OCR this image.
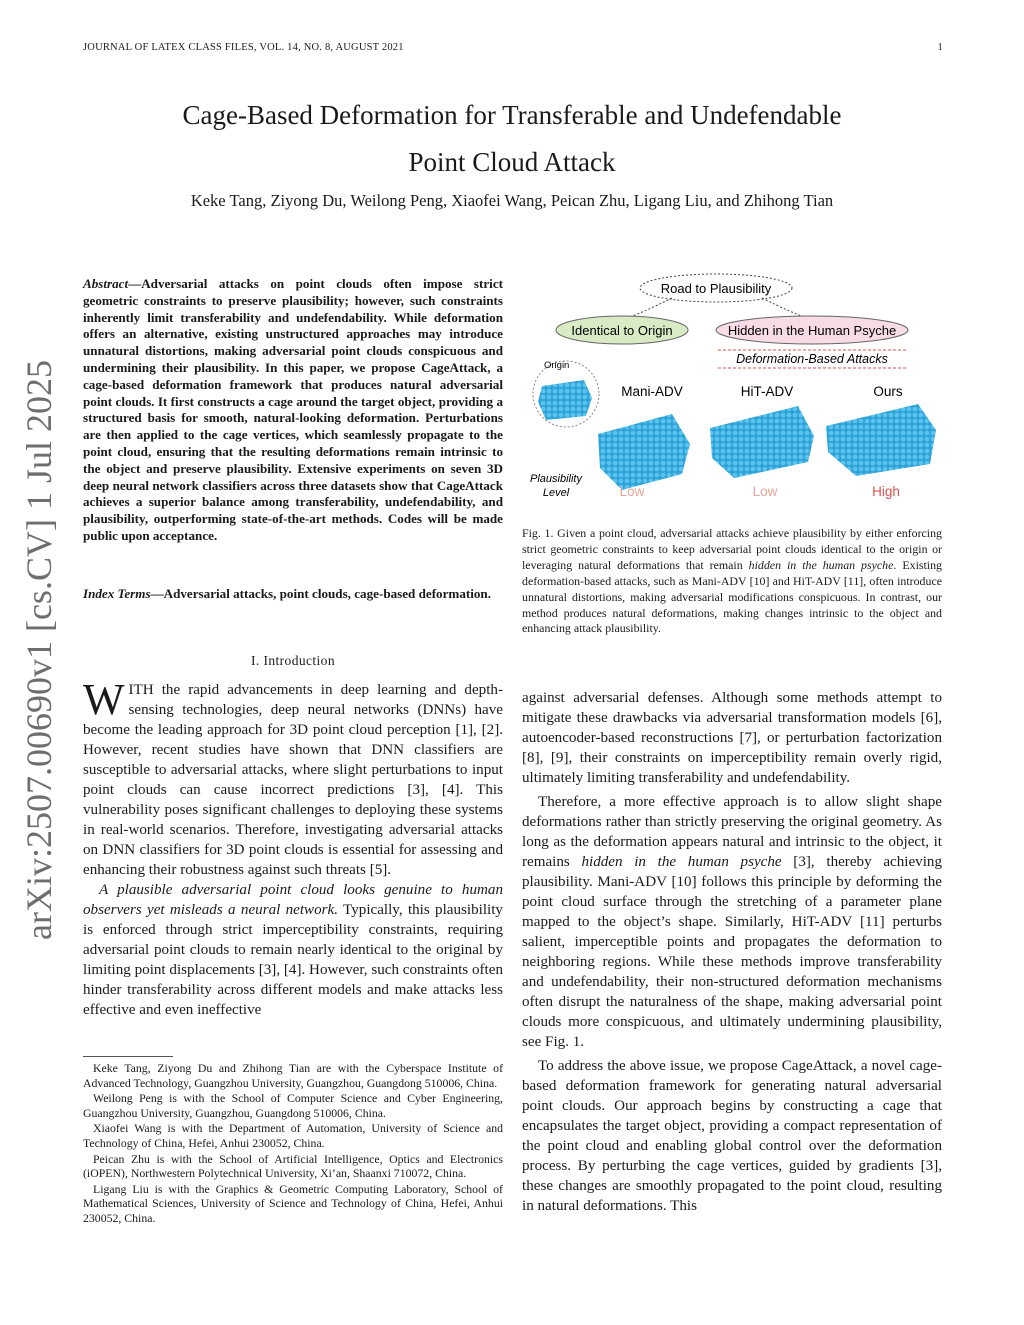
JOURNAL OF LATEX CLASS FILES, VOL. 14, NO. 8, AUGUST 2021	1
Cage-Based Deformation for Transferable and Undefendable
Point Cloud Attack
Keke Tang, Ziyong Du, Weilong Peng, Xiaofei Wang, Peican Zhu, Ligang Liu, and Zhihong Tian
arXiv:2507.00690v1 [cs.CV] 1 Jul 2025
Abstract—Adversarial attacks on point clouds often impose strict geometric constraints to preserve plausibility; however, such constraints inherently limit transferability and undefendability. While deformation offers an alternative, existing unstructured approaches may introduce unnatural distortions, making adversarial point clouds conspicuous and undermining their plausibility. In this paper, we propose CageAttack, a cage-based deformation framework that produces natural adversarial point clouds. It first constructs a cage around the target object, providing a structured basis for smooth, natural-looking deformation. Perturbations are then applied to the cage vertices, which seamlessly propagate to the point cloud, ensuring that the resulting deformations remain intrinsic to the object and preserve plausibility. Extensive experiments on seven 3D deep neural network classifiers across three datasets show that CageAttack achieves a superior balance among transferability, undefendability, and plausibility, outperforming state-of-the-art methods. Codes will be made public upon acceptance.
Index Terms—Adversarial attacks, point clouds, cage-based deformation.
I. Introduction

WITH the rapid advancements in deep learning and depth-sensing technologies, deep neural networks (DNNs) have become the leading approach for 3D point cloud perception [1], [2]. However, recent studies have shown that DNN classifiers are susceptible to adversarial attacks, where slight perturbations to input point clouds can cause incorrect predictions [3], [4]. This vulnerability poses significant challenges to deploying these systems in real-world scenarios. Therefore, investigating adversarial attacks on DNN classifiers for 3D point clouds is essential for assessing and enhancing their robustness against such threats [5].

A plausible adversarial point cloud looks genuine to human observers yet misleads a neural network. Typically, this plausibility is enforced through strict imperceptibility constraints, requiring adversarial point clouds to remain nearly identical to the original by limiting point displacements [3], [4]. However, such constraints often hinder transferability across different models and make attacks less effective and even ineffective

Keke Tang, Ziyong Du and Zhihong Tian are with the Cyberspace Institute of Advanced Technology, Guangzhou University, Guangzhou, Guangdong 510006, China.

Weilong Peng is with the School of Computer Science and Cyber Engineering, Guangzhou University, Guangzhou, Guangdong 510006, China.

Xiaofei Wang is with the Department of Automation, University of Science and Technology of China, Hefei, Anhui 230052, China.

Peican Zhu is with the School of Artificial Intelligence, Optics and Electronics (iOPEN), Northwestern Polytechnical University, Xi’an, Shaanxi 710072, China.

Ligang Liu is with the Graphics & Geometric Computing Laboratory, School of Mathematical Sciences, University of Science and Technology of China, Hefei, Anhui 230052, China.

Road to Plausibility
Identical to Origin	Hidden in the Human Psyche
Deformation-Based Attacks
Origin
Mani-ADV	HiT-ADV	Ours
Plausibility
Level	Low	Low	High
Fig. 1. Given a point cloud, adversarial attacks achieve plausibility by either enforcing strict geometric constraints to keep adversarial point clouds identical to the origin or leveraging natural deformations that remain hidden in the human psyche. Existing deformation-based attacks, such as Mani-ADV [10] and HiT-ADV [11], often introduce unnatural distortions, making adversarial modifications conspicuous. In contrast, our method produces natural deformations, making changes intrinsic to the object and enhancing attack plausibility.

against adversarial defenses. Although some methods attempt to mitigate these drawbacks via adversarial transformation models [6], autoencoder-based reconstructions [7], or perturbation factorization [8], [9], their constraints on imperceptibility remain overly rigid, ultimately limiting transferability and undefendability.

Therefore, a more effective approach is to allow slight shape deformations rather than strictly preserving the original geometry. As long as the deformation appears natural and intrinsic to the object, it remains hidden in the human psyche [3], thereby achieving plausibility. Mani-ADV [10] follows this principle by deforming the point cloud surface through the stretching of a parameter plane mapped to the object’s shape. Similarly, HiT-ADV [11] perturbs salient, imperceptible points and propagates the deformation to neighboring regions. While these methods improve transferability and undefendability, their non-structured deformation mechanisms often disrupt the naturalness of the shape, making adversarial point clouds more conspicuous, and ultimately undermining plausibility, see Fig. 1.

To address the above issue, we propose CageAttack, a novel cage-based deformation framework for generating natural adversarial point clouds. Our approach begins by constructing a cage that encapsulates the target object, providing a compact representation of the point cloud and enabling global control over the deformation process. By perturbing the cage vertices, guided by gradients [3], these changes are smoothly propagated to the point cloud, resulting in natural deformations. This
